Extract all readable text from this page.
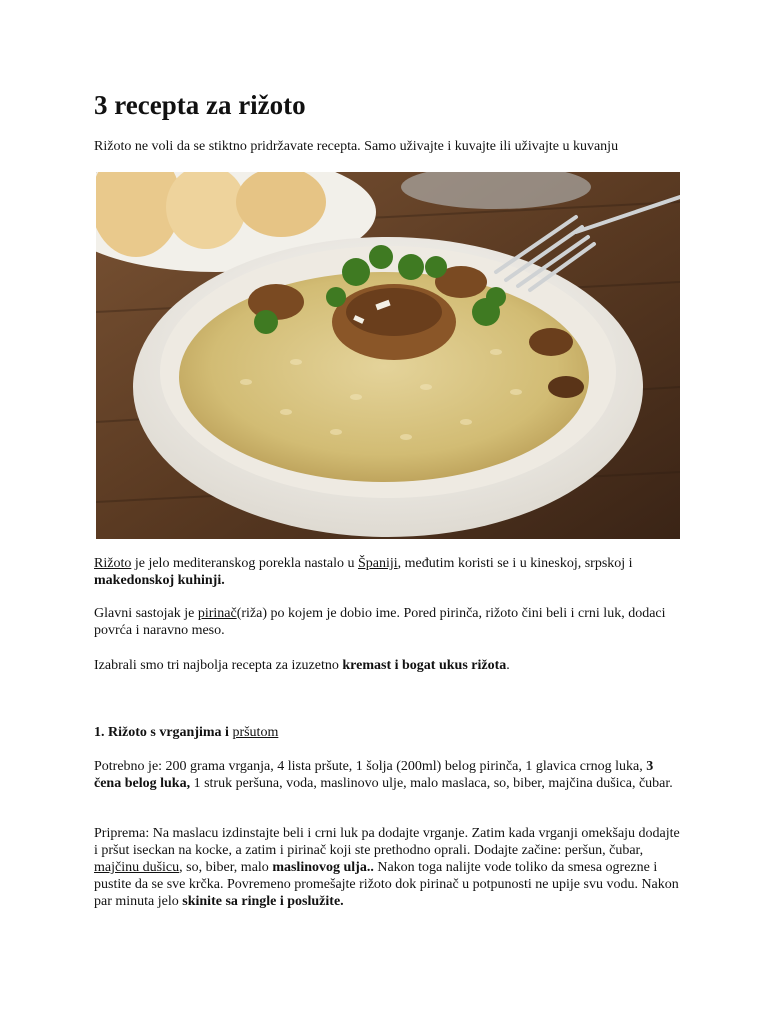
3 recepta za rižoto

Rižoto ne voli da se stiktno pridržavate recepta. Samo uživajte i kuvajte ili uživajte u kuvanju

Rižoto je jelo mediteranskog porekla nastalo u Španiji, međutim koristi se i u kineskoj, srpskoj i makedonskoj kuhinji.

Glavni sastojak je pirinač(riža) po kojem je dobio ime. Pored pirinča, rižoto čini beli i crni luk, dodaci povrća i naravno meso.

Izabrali smo tri najbolja recepta za izuzetno kremast i bogat ukus rižota.

1. Rižoto s vrganjima i pršutom

Potrebno je: 200 grama vrganja, 4 lista pršute, 1 šolja (200ml) belog pirinča, 1 glavica crnog luka, 3 čena belog luka, 1 struk peršuna, voda, maslinovo ulje, malo maslaca, so, biber, majčina dušica, čubar.

Priprema: Na maslacu izdinstajte beli i crni luk pa dodajte vrganje. Zatim kada vrganji omekšaju dodajte i pršut iseckan na kocke, a zatim i pirinač koji ste prethodno oprali. Dodajte začine: peršun, čubar, majčinu dušicu, so, biber, malo maslinovog ulja.. Nakon toga nalijte vode toliko da smesa ogrezne i pustite da se sve krčka. Povremeno promešajte rižoto dok pirinač u potpunosti ne upije svu vodu. Nakon par minuta jelo skinite sa ringle i poslužite.
